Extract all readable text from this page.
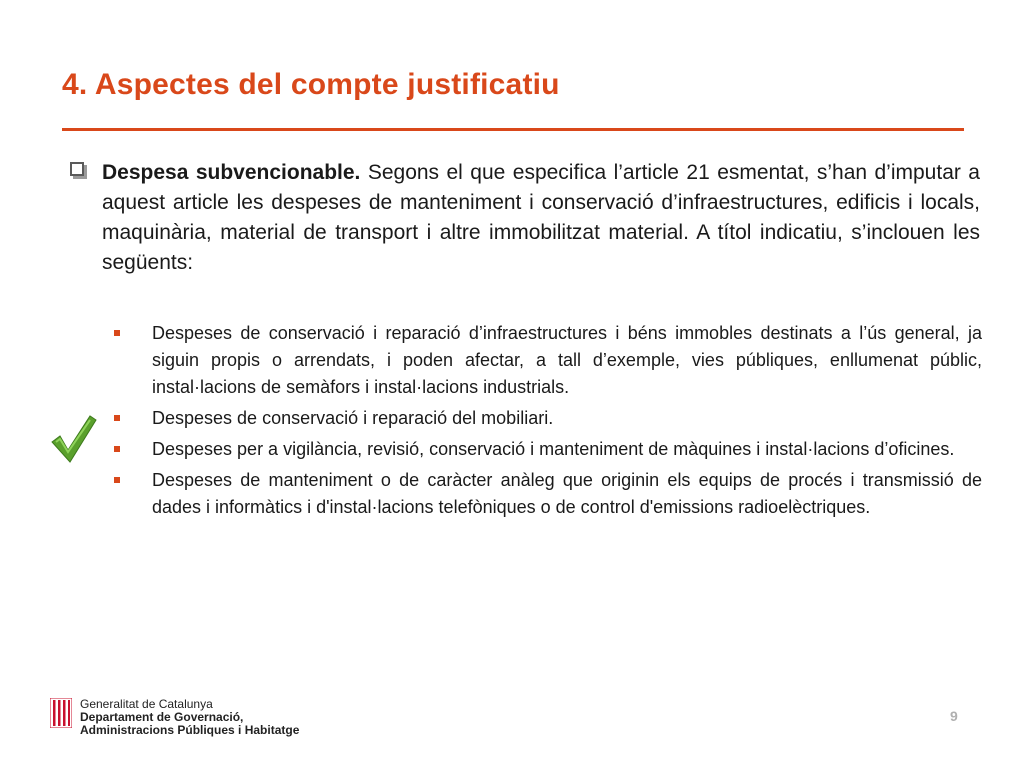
4. Aspectes del compte justificatiu
Despesa subvencionable. Segons el que especifica l’article 21 esmentat, s’han d’imputar a aquest article les despeses de manteniment i conservació d’infraestructures, edificis i locals, maquinària, material de transport i altre immobilitzat material. A títol indicatiu, s’inclouen les següents:
Despeses de conservació i reparació d’infraestructures i béns immobles destinats a l’ús general, ja siguin propis o arrendats, i poden afectar, a tall d’exemple, vies públiques, enllumenat públic, instal·lacions de semàfors i instal·lacions industrials.
Despeses de conservació i reparació del mobiliari.
Despeses per a vigilància, revisió, conservació i manteniment de màquines i instal·lacions d’oficines.
Despeses de manteniment o de caràcter anàleg que originin els equips de procés i transmissió de dades i informàtics i d'instal·lacions telefòniques o de control d'emissions radioelèctriques.
Generalitat de Catalunya
Departament de Governació,
Administracions Públiques i Habitatge
9
